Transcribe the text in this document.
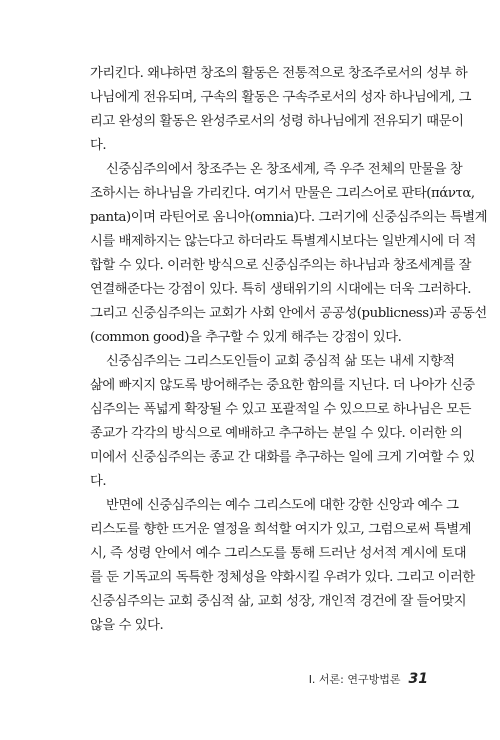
가리킨다. 왜냐하면 창조의 활동은 전통적으로 창조주로서의 성부 하

나님에게 전유되며, 구속의 활동은 구속주로서의 성자 하나님에게, 그

리고 완성의 활동은 완성주로서의 성령 하나님에게 전유되기 때문이

다.

신중심주의에서 창조주는 온 창조세계, 즉 우주 전체의 만물을 창

조하시는 하나님을 가리킨다. 여기서 만물은 그리스어로 판타(πάντα,

panta)이며 라틴어로 옴니아(omnia)다. 그러기에 신중심주의는 특별계

시를 배제하지는 않는다고 하더라도 특별계시보다는 일반계시에 더 적

합할 수 있다. 이러한 방식으로 신중심주의는 하나님과 창조세계를 잘

연결해준다는 강점이 있다. 특히 생태위기의 시대에는 더욱 그러하다.

그리고 신중심주의는 교회가 사회 안에서 공공성(publicness)과 공동선

(common good)을 추구할 수 있게 해주는 강점이 있다.

신중심주의는 그리스도인들이 교회 중심적 삶 또는 내세 지향적

삶에 빠지지 않도록 방어해주는 중요한 함의를 지닌다. 더 나아가 신중

심주의는 폭넓게 확장될 수 있고 포괄적일 수 있으므로 하나님은 모든

종교가 각각의 방식으로 예배하고 추구하는 분일 수 있다. 이러한 의

미에서 신중심주의는 종교 간 대화를 추구하는 일에 크게 기여할 수 있

다.

반면에 신중심주의는 예수 그리스도에 대한 강한 신앙과 예수 그

리스도를 향한 뜨거운 열정을 희석할 여지가 있고, 그럼으로써 특별계

시, 즉 성령 안에서 예수 그리스도를 통해 드러난 성서적 계시에 토대

를 둔 기독교의 독특한 정체성을 약화시킬 우려가 있다. 그리고 이러한

신중심주의는 교회 중심적 삶, 교회 성장, 개인적 경건에 잘 들어맞지

않을 수 있다.

I. 서론: 연구방법론 31
